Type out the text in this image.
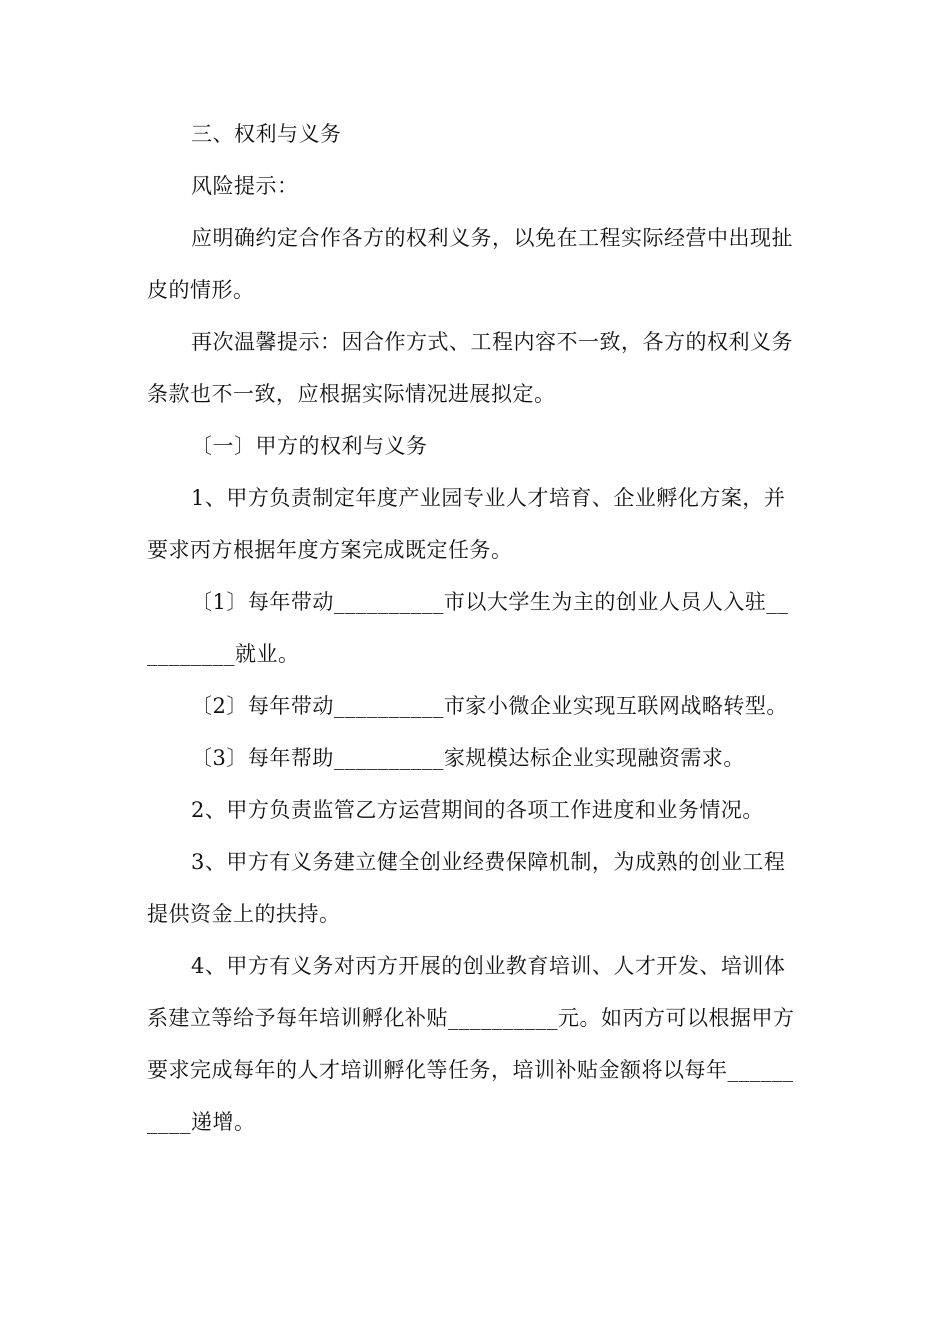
三、权利与义务

风险提示：

应明确约定合作各方的权利义务，以免在工程实际经营中出现扯皮的情形。

再次温馨提示：因合作方式、工程内容不一致，各方的权利义务条款也不一致，应根据实际情况进展拟定。

〔一〕甲方的权利与义务

1、甲方负责制定年度产业园专业人才培育、企业孵化方案，并要求丙方根据年度方案完成既定任务。

〔1〕每年带动__________市以大学生为主的创业人员人入驻__________就业。

〔2〕每年带动__________市家小微企业实现互联网战略转型。

〔3〕每年帮助__________家规模达标企业实现融资需求。

2、甲方负责监管乙方运营期间的各项工作进度和业务情况。

3、甲方有义务建立健全创业经费保障机制，为成熟的创业工程提供资金上的扶持。

4、甲方有义务对丙方开展的创业教育培训、人才开发、培训体系建立等给予每年培训孵化补贴__________元。如丙方可以根据甲方要求完成每年的人才培训孵化等任务，培训补贴金额将以每年__________递增。
